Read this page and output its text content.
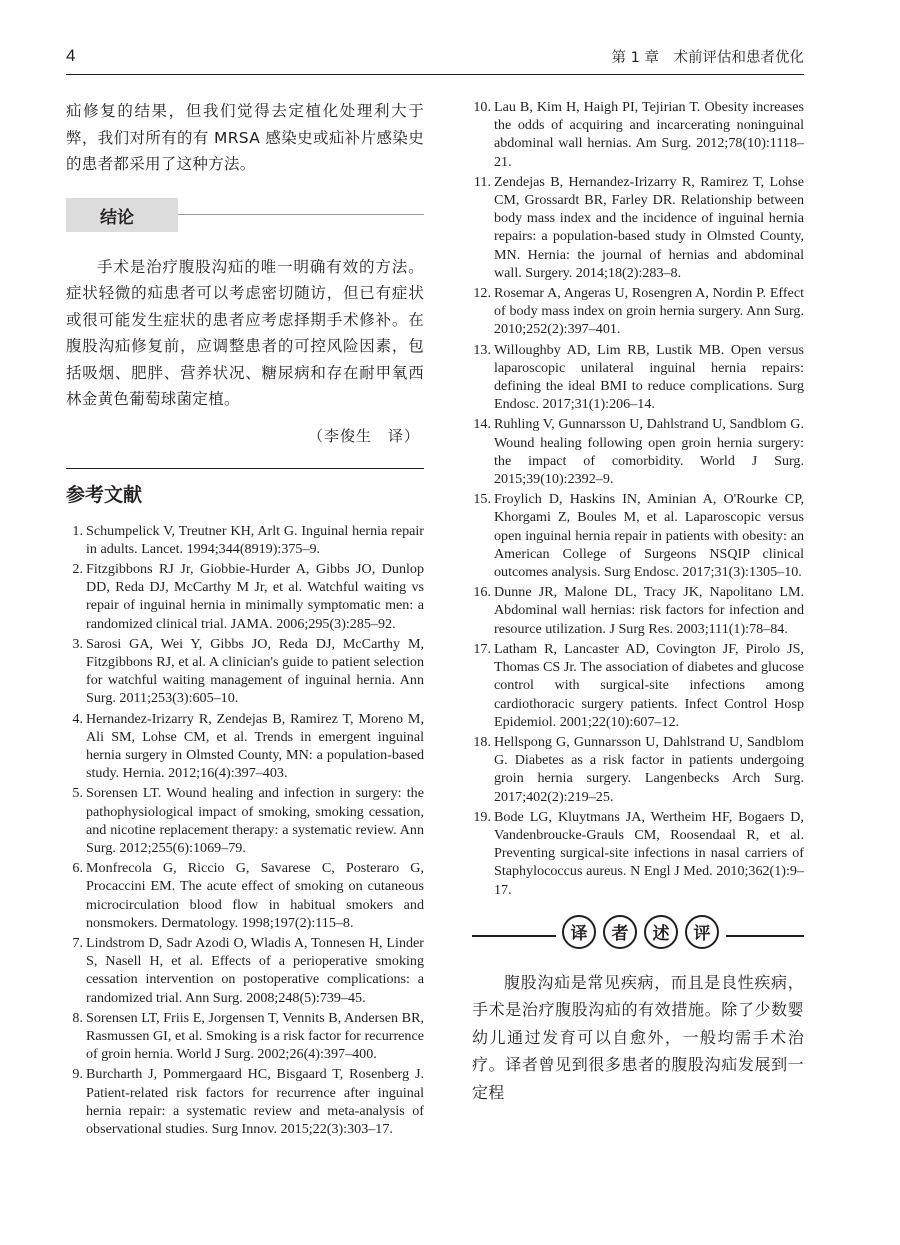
4	第 1 章　术前评估和患者优化

疝修复的结果，但我们觉得去定植化处理利大于弊，我们对所有的有 MRSA 感染史或疝补片感染史的患者都采用了这种方法。

结论

手术是治疗腹股沟疝的唯一明确有效的方法。症状轻微的疝患者可以考虑密切随访，但已有症状或很可能发生症状的患者应考虑择期手术修补。在腹股沟疝修复前，应调整患者的可控风险因素，包括吸烟、肥胖、营养状况、糖尿病和存在耐甲氧西林金黄色葡萄球菌定植。

（李俊生　译）
参考文献
1. Schumpelick V, Treutner KH, Arlt G. Inguinal hernia repair in adults. Lancet. 1994;344(8919):375–9.
2. Fitzgibbons RJ Jr, Giobbie-Hurder A, Gibbs JO, Dunlop DD, Reda DJ, McCarthy M Jr, et al. Watchful waiting vs repair of inguinal hernia in minimally symptomatic men: a randomized clinical trial. JAMA. 2006;295(3):285–92.
3. Sarosi GA, Wei Y, Gibbs JO, Reda DJ, McCarthy M, Fitzgibbons RJ, et al. A clinician's guide to patient selection for watchful waiting management of inguinal hernia. Ann Surg. 2011;253(3):605–10.
4. Hernandez-Irizarry R, Zendejas B, Ramirez T, Moreno M, Ali SM, Lohse CM, et al. Trends in emergent inguinal hernia surgery in Olmsted County, MN: a population-based study. Hernia. 2012;16(4):397–403.
5. Sorensen LT. Wound healing and infection in surgery: the pathophysiological impact of smoking, smoking cessation, and nicotine replacement therapy: a systematic review. Ann Surg. 2012;255(6):1069–79.
6. Monfrecola G, Riccio G, Savarese C, Posteraro G, Procaccini EM. The acute effect of smoking on cutaneous microcirculation blood flow in habitual smokers and nonsmokers. Dermatology. 1998;197(2):115–8.
7. Lindstrom D, Sadr Azodi O, Wladis A, Tonnesen H, Linder S, Nasell H, et al. Effects of a perioperative smoking cessation intervention on postoperative complications: a randomized trial. Ann Surg. 2008;248(5):739–45.
8. Sorensen LT, Friis E, Jorgensen T, Vennits B, Andersen BR, Rasmussen GI, et al. Smoking is a risk factor for recurrence of groin hernia. World J Surg. 2002;26(4):397–400.
9. Burcharth J, Pommergaard HC, Bisgaard T, Rosenberg J. Patient-related risk factors for recurrence after inguinal hernia repair: a systematic review and meta-analysis of observational studies. Surg Innov. 2015;22(3):303–17.
10. Lau B, Kim H, Haigh PI, Tejirian T. Obesity increases the odds of acquiring and incarcerating noninguinal abdominal wall hernias. Am Surg. 2012;78(10):1118–21.
11. Zendejas B, Hernandez-Irizarry R, Ramirez T, Lohse CM, Grossardt BR, Farley DR. Relationship between body mass index and the incidence of inguinal hernia repairs: a population-based study in Olmsted County, MN. Hernia: the journal of hernias and abdominal wall. Surgery. 2014;18(2):283–8.
12. Rosemar A, Angeras U, Rosengren A, Nordin P. Effect of body mass index on groin hernia surgery. Ann Surg. 2010;252(2):397–401.
13. Willoughby AD, Lim RB, Lustik MB. Open versus laparoscopic unilateral inguinal hernia repairs: defining the ideal BMI to reduce complications. Surg Endosc. 2017;31(1):206–14.
14. Ruhling V, Gunnarsson U, Dahlstrand U, Sandblom G. Wound healing following open groin hernia surgery: the impact of comorbidity. World J Surg. 2015;39(10):2392–9.
15. Froylich D, Haskins IN, Aminian A, O'Rourke CP, Khorgami Z, Boules M, et al. Laparoscopic versus open inguinal hernia repair in patients with obesity: an American College of Surgeons NSQIP clinical outcomes analysis. Surg Endosc. 2017;31(3):1305–10.
16. Dunne JR, Malone DL, Tracy JK, Napolitano LM. Abdominal wall hernias: risk factors for infection and resource utilization. J Surg Res. 2003;111(1):78–84.
17. Latham R, Lancaster AD, Covington JF, Pirolo JS, Thomas CS Jr. The association of diabetes and glucose control with surgical-site infections among cardiothoracic surgery patients. Infect Control Hosp Epidemiol. 2001;22(10):607–12.
18. Hellspong G, Gunnarsson U, Dahlstrand U, Sandblom G. Diabetes as a risk factor in patients undergoing groin hernia surgery. Langenbecks Arch Surg. 2017;402(2):219–25.
19. Bode LG, Kluytmans JA, Wertheim HF, Bogaers D, Vandenbroucke-Grauls CM, Roosendaal R, et al. Preventing surgical-site infections in nasal carriers of Staphylococcus aureus. N Engl J Med. 2010;362(1):9–17.
译	者	述	评

腹股沟疝是常见疾病，而且是良性疾病，手术是治疗腹股沟疝的有效措施。除了少数婴幼儿通过发育可以自愈外，一般均需手术治疗。译者曾见到很多患者的腹股沟疝发展到一定程
